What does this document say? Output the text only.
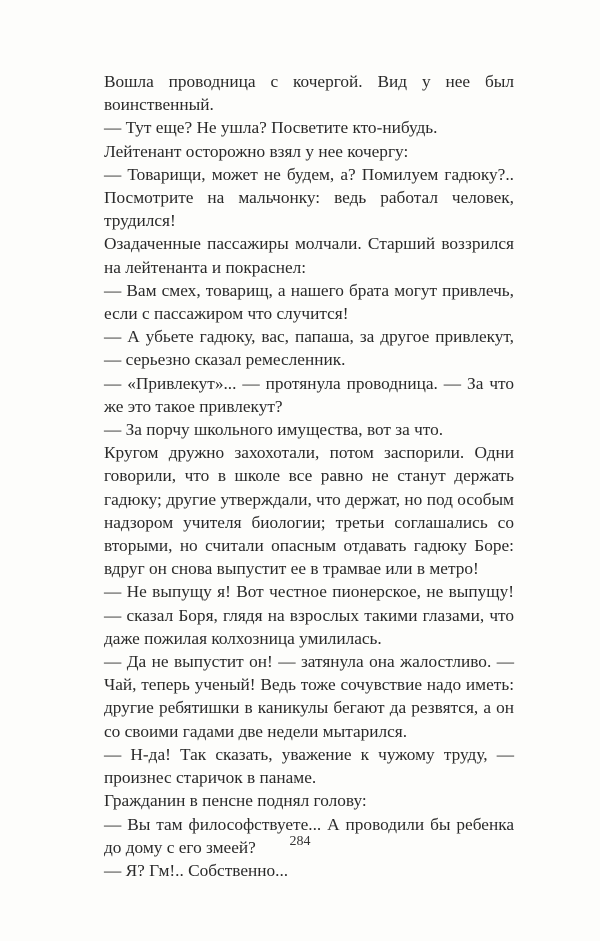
Вошла проводница с кочергой. Вид у нее был воинственный.

— Тут еще? Не ушла? Посветите кто-нибудь.

Лейтенант осторожно взял у нее кочергу:

— Товарищи, может не будем, а? Помилуем гадюку?.. Посмотрите на мальчонку: ведь работал человек, трудился!

Озадаченные пассажиры молчали. Старший воззрился на лейтенанта и покраснел:

— Вам смех, товарищ, а нашего брата могут привлечь, если с пассажиром что случится!

— А убьете гадюку, вас, папаша, за другое привлекут, — серьезно сказал ремесленник.

— «Привлекут»... — протянула проводница. — За что же это такое привлекут?

— За порчу школьного имущества, вот за что.

Кругом дружно захохотали, потом заспорили. Одни говорили, что в школе все равно не станут держать гадюку; другие утверждали, что держат, но под особым надзором учителя биологии; третьи соглашались со вторыми, но считали опасным отдавать гадюку Боре: вдруг он снова выпустит ее в трамвае или в метро!

— Не выпущу я! Вот честное пионерское, не выпущу! — сказал Боря, глядя на взрослых такими глазами, что даже пожилая колхозница умилилась.

— Да не выпустит он! — затянула она жалостливо. — Чай, теперь ученый! Ведь тоже сочувствие надо иметь: другие ребятишки в каникулы бегают да резвятся, а он со своими гадами две недели мытарился.

— Н-да! Так сказать, уважение к чужому труду, — произнес старичок в панаме.

Гражданин в пенсне поднял голову:

— Вы там философствуете... А проводили бы ребенка до дому с его змеей?

— Я? Гм!.. Собственно...

284
